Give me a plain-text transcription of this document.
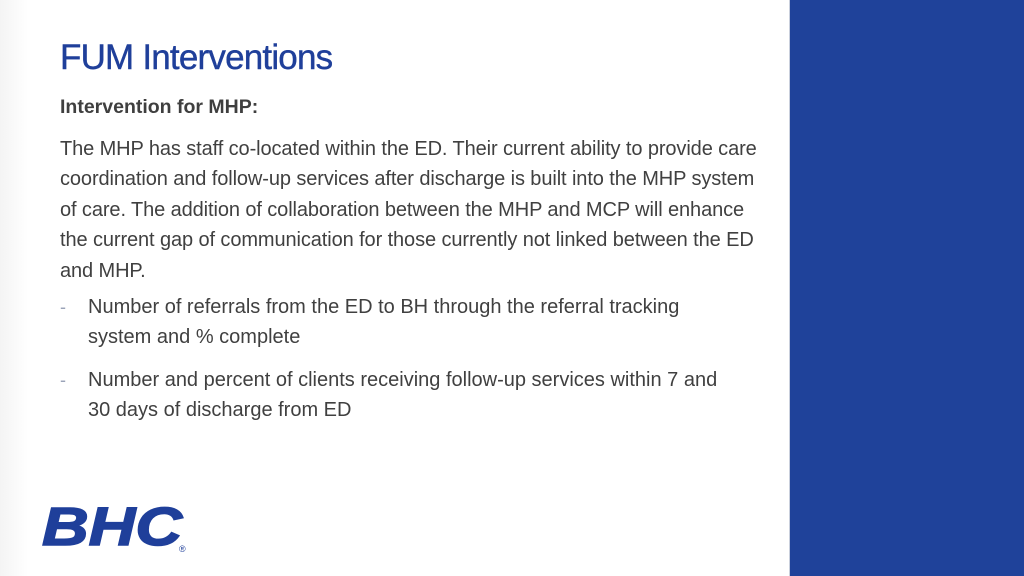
FUM Interventions
Intervention for MHP:

The MHP has staff co-located within the ED. Their current ability to provide care coordination and follow-up services after discharge is built into the MHP system of care. The addition of collaboration between the MHP and MCP will enhance the current gap of communication for those currently not linked between the ED and MHP.

- Number of referrals from the ED to BH through the referral tracking system and % complete
- Number and percent of clients receiving follow-up services within 7 and 30 days of discharge from ED
BHC
®
